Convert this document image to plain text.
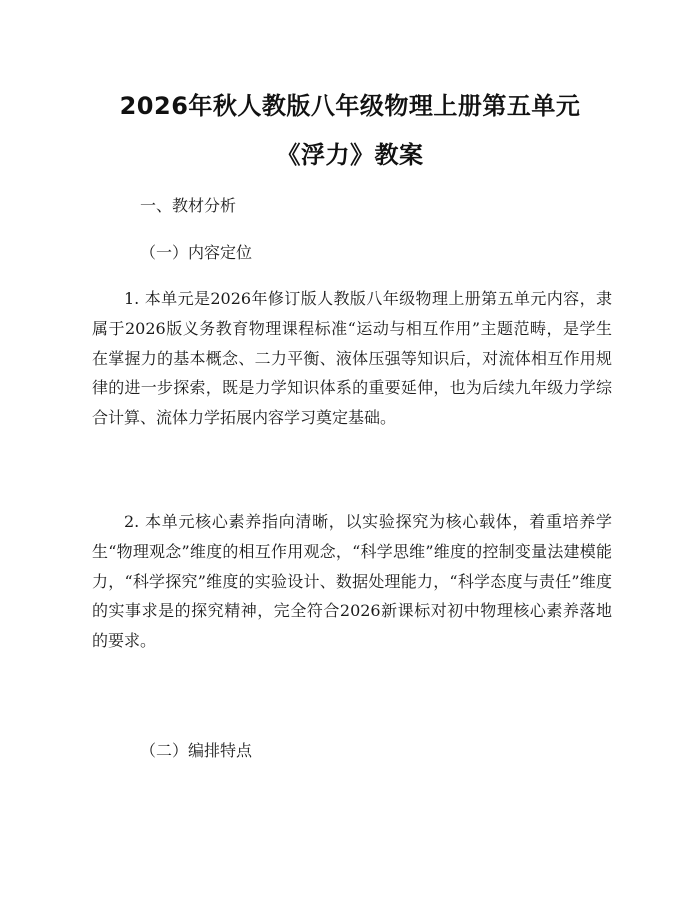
2026年秋人教版八年级物理上册第五单元
《浮力》教案
一、教材分析
（一）内容定位

1. 本单元是2026年修订版人教版八年级物理上册第五单元内容，隶属于2026版义务教育物理课程标准“运动与相互作用”主题范畴，是学生在掌握力的基本概念、二力平衡、液体压强等知识后，对流体相互作用规律的进一步探索，既是力学知识体系的重要延伸，也为后续九年级力学综合计算、流体力学拓展内容学习奠定基础。

2. 本单元核心素养指向清晰，以实验探究为核心载体，着重培养学生“物理观念”维度的相互作用观念，“科学思维”维度的控制变量法建模能力，“科学探究”维度的实验设计、数据处理能力，“科学态度与责任”维度的实事求是的探究精神，完全符合2026新课标对初中物理核心素养落地的要求。

（二）编排特点
